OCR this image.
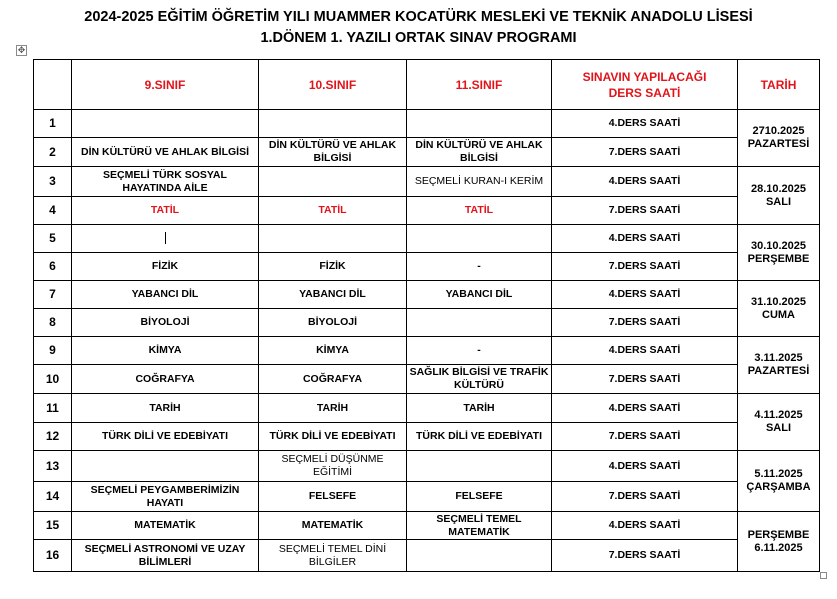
2024-2025 EĞİTİM ÖĞRETİM YILI MUAMMER KOCATÜRK MESLEKİ VE TEKNİK ANADOLU LİSESİ
1.DÖNEM 1. YAZILI ORTAK SINAV PROGRAMI
✥
	9.SINIF	10.SINIF	11.SINIF	SINAVIN YAPILACAĞI
DERS SAATİ	TARİH
1				4.DERS SAATİ	2710.2025
PAZARTESİ
2	DİN KÜLTÜRÜ VE AHLAK BİLGİSİ	DİN KÜLTÜRÜ VE AHLAK BİLGİSİ	DİN KÜLTÜRÜ VE AHLAK BİLGİSİ	7.DERS SAATİ	
3	SEÇMELİ TÜRK SOSYAL HAYATINDA AİLE		SEÇMELİ KURAN-I KERİM	4.DERS SAATİ	28.10.2025
SALI
4	TATİL	TATİL	TATİL	7.DERS SAATİ	
5				4.DERS SAATİ	30.10.2025
PERŞEMBE
6	FİZİK	FİZİK	-	7.DERS SAATİ	
7	YABANCI DİL	YABANCI DİL	YABANCI DİL	4.DERS SAATİ	31.10.2025
CUMA
8	BİYOLOJİ	BİYOLOJİ		7.DERS SAATİ	
9	KİMYA	KİMYA	-	4.DERS SAATİ	3.11.2025
PAZARTESİ
10	COĞRAFYA	COĞRAFYA	SAĞLIK BİLGİSİ VE TRAFİK KÜLTÜRÜ	7.DERS SAATİ	
11	TARİH	TARİH	TARİH	4.DERS SAATİ	4.11.2025
SALI
12	TÜRK DİLİ VE EDEBİYATI	TÜRK DİLİ VE EDEBİYATI	TÜRK DİLİ VE EDEBİYATI	7.DERS SAATİ	
13		SEÇMELİ DÜŞÜNME EĞİTİMİ		4.DERS SAATİ	5.11.2025
ÇARŞAMBA
14	SEÇMELİ PEYGAMBERİMİZİN HAYATI	FELSEFE	FELSEFE	7.DERS SAATİ	
15	MATEMATİK	MATEMATİK	SEÇMELİ TEMEL MATEMATİK	4.DERS SAATİ	PERŞEMBE
6.11.2025
16	SEÇMELİ ASTRONOMİ VE UZAY BİLİMLERİ	SEÇMELİ TEMEL DİNİ BİLGİLER		7.DERS SAATİ	
